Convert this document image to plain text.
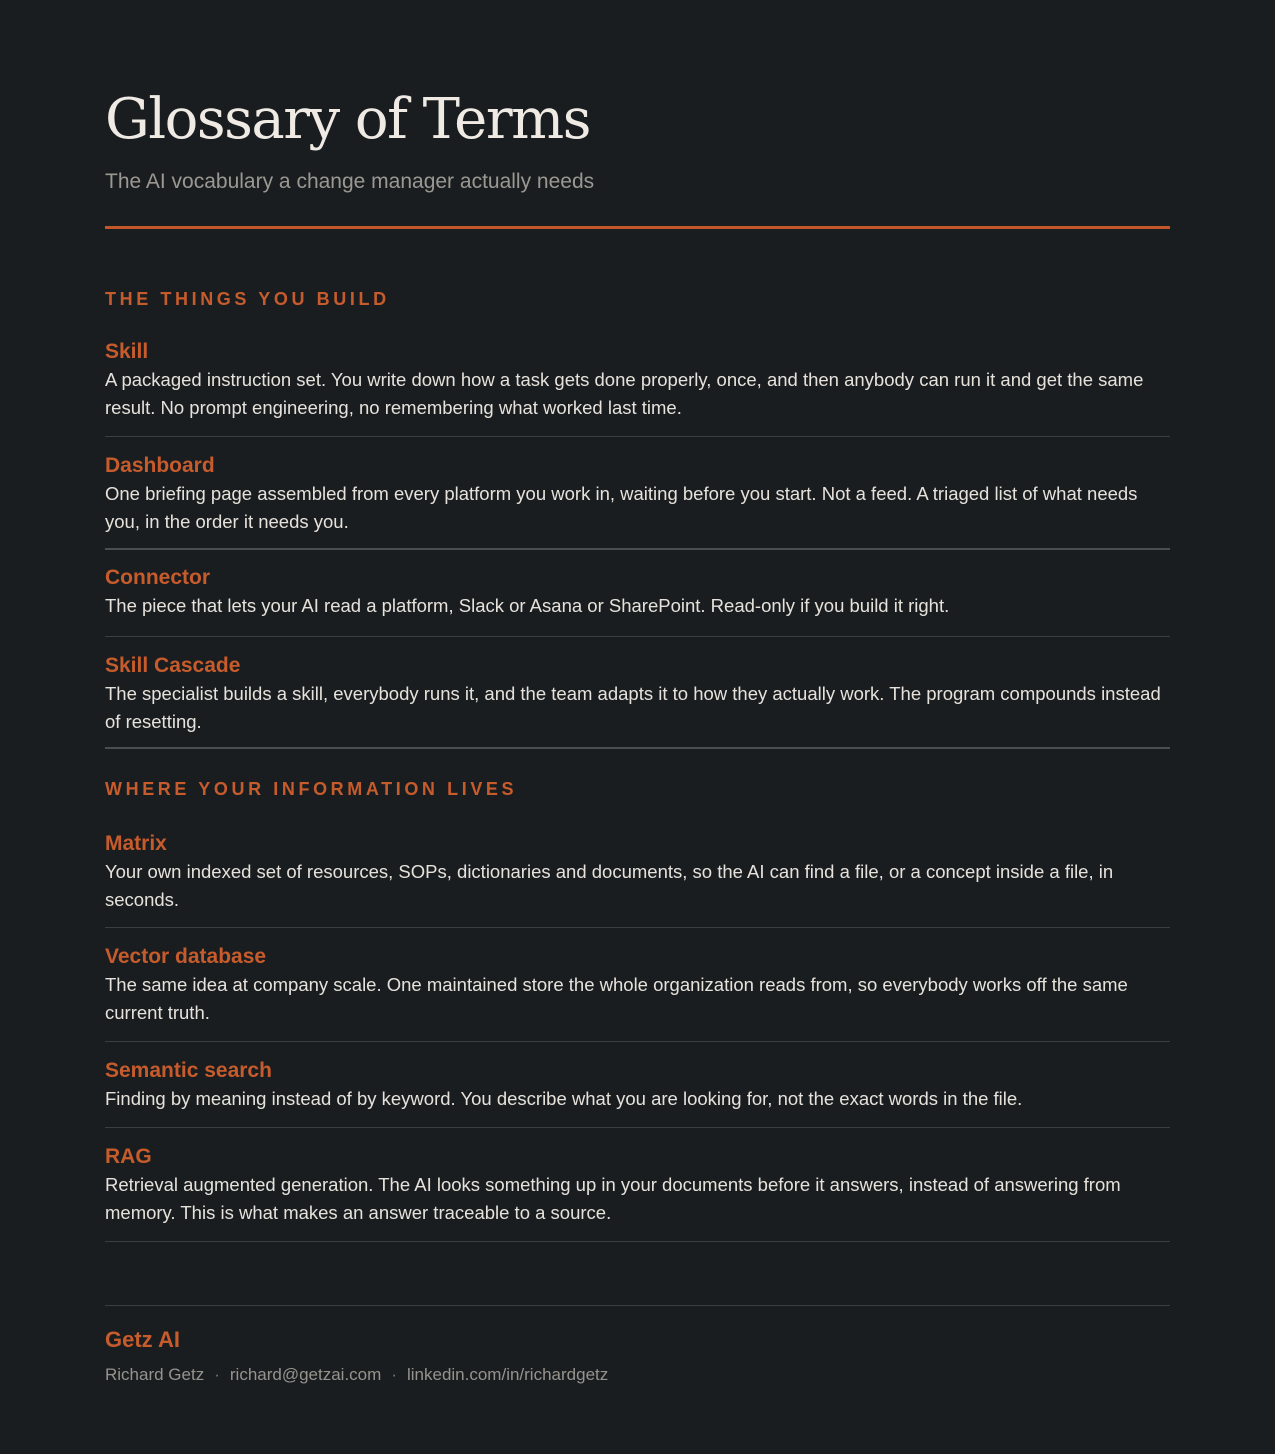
Glossary of Terms

The AI vocabulary a change manager actually needs

THE THINGS YOU BUILD
Skill

A packaged instruction set. You write down how a task gets done properly, once, and then anybody can run it and get the same result. No prompt engineering, no remembering what worked last time.

Dashboard

One briefing page assembled from every platform you work in, waiting before you start. Not a feed. A triaged list of what needs you, in the order it needs you.

Connector

The piece that lets your AI read a platform, Slack or Asana or SharePoint. Read-only if you build it right.

Skill Cascade

The specialist builds a skill, everybody runs it, and the team adapts it to how they actually work. The program compounds instead of resetting.

WHERE YOUR INFORMATION LIVES
Matrix

Your own indexed set of resources, SOPs, dictionaries and documents, so the AI can find a file, or a concept inside a file, in seconds.

Vector database

The same idea at company scale. One maintained store the whole organization reads from, so everybody works off the same current truth.

Semantic search

Finding by meaning instead of by keyword. You describe what you are looking for, not the exact words in the file.

RAG

Retrieval augmented generation. The AI looks something up in your documents before it answers, instead of answering from memory. This is what makes an answer traceable to a source.

Getz AI

Richard Getz · richard@getzai.com · linkedin.com/in/richardgetz
